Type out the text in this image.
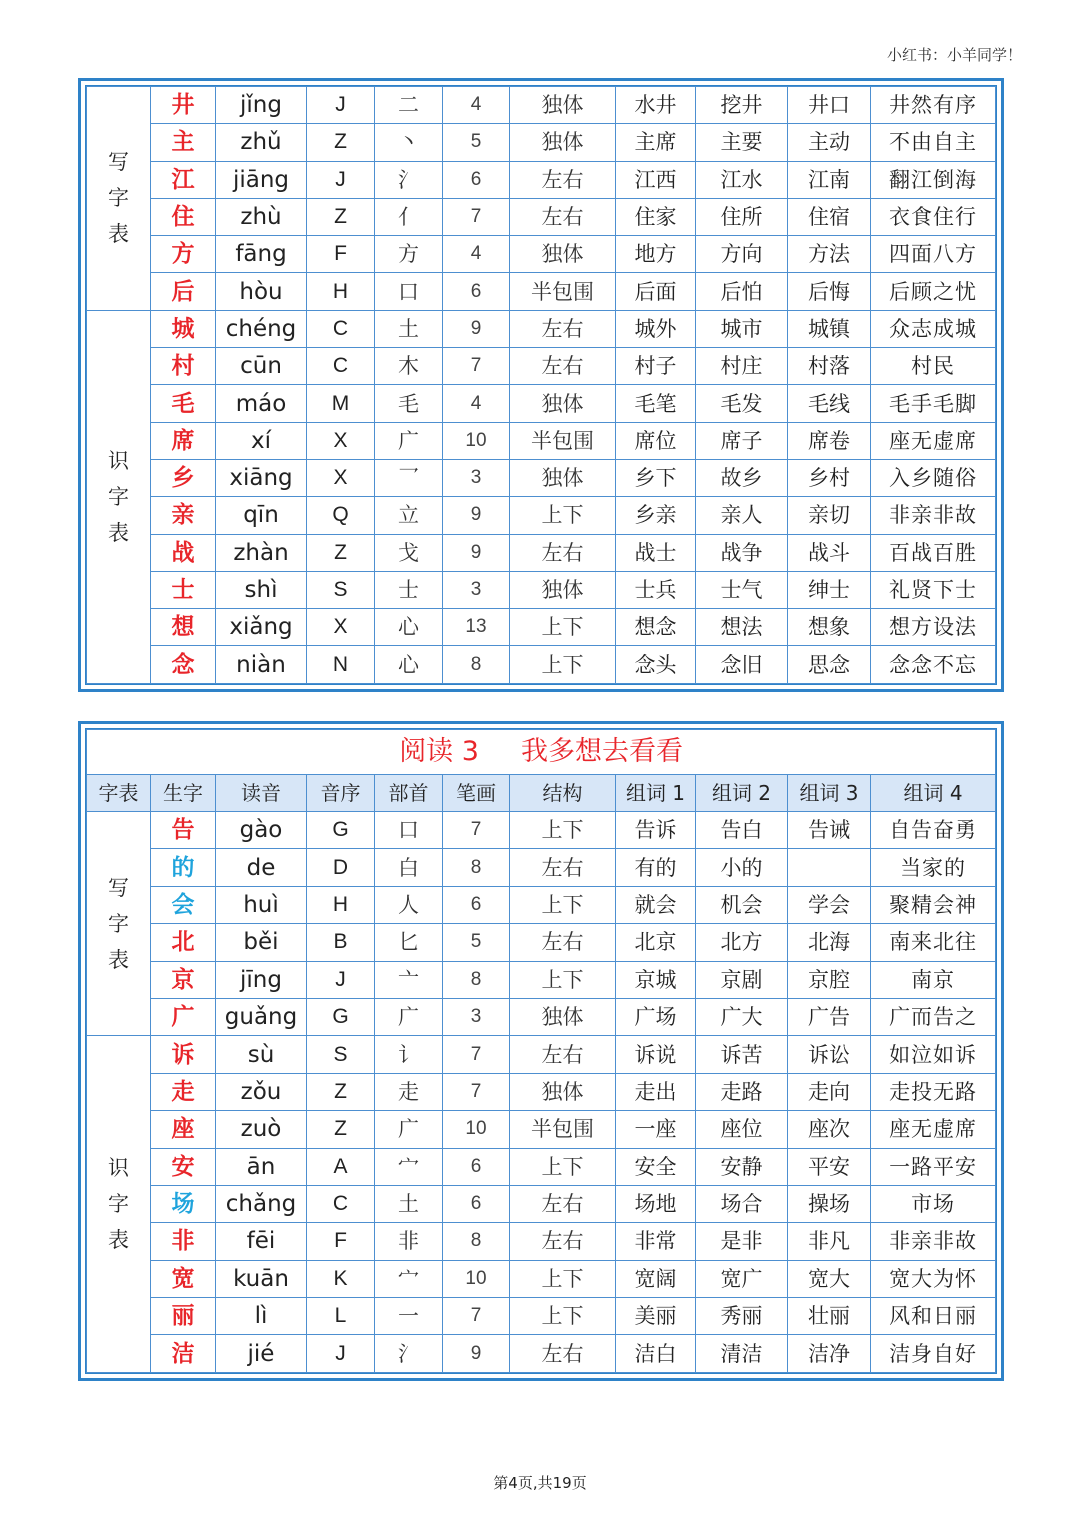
小红书：小羊同学！
写
字
表	井	jǐng	J	二	4	独体	水井	挖井	井口	井然有序
	主	zhǔ	Z	丶	5	独体	主席	主要	主动	不由自主
	江	jiāng	J	氵	6	左右	江西	江水	江南	翻江倒海
	住	zhù	Z	亻	7	左右	住家	住所	住宿	衣食住行
	方	fāng	F	方	4	独体	地方	方向	方法	四面八方
	后	hòu	H	口	6	半包围	后面	后怕	后悔	后顾之忧

识
字
表	城	chéng	C	土	9	左右	城外	城市	城镇	众志成城
	村	cūn	C	木	7	左右	村子	村庄	村落	村民
	毛	máo	M	毛	4	独体	毛笔	毛发	毛线	毛手毛脚
	席	xí	X	广	10	半包围	席位	席子	席卷	座无虚席
	乡	xiāng	X	乛	3	独体	乡下	故乡	乡村	入乡随俗
	亲	qīn	Q	立	9	上下	乡亲	亲人	亲切	非亲非故
	战	zhàn	Z	戈	9	左右	战士	战争	战斗	百战百胜
	士	shì	S	士	3	独体	士兵	士气	绅士	礼贤下士
	想	xiǎng	X	心	13	上下	想念	想法	想象	想方设法
	念	niàn	N	心	8	上下	念头	念旧	思念	念念不忘
阅读 3 我多想去看看										
字表	生字	读音	音序	部首	笔画	结构	组词 1	组词 2	组词 3	组词 4

写
字
表	告	gào	G	口	7	上下	告诉	告白	告诫	自告奋勇
	的	de	D	白	8	左右	有的	小的		当家的
	会	huì	H	人	6	上下	就会	机会	学会	聚精会神
	北	běi	B	匕	5	左右	北京	北方	北海	南来北往
	京	jīng	J	亠	8	上下	京城	京剧	京腔	南京
	广	guǎng	G	广	3	独体	广场	广大	广告	广而告之

识
字
表	诉	sù	S	讠	7	左右	诉说	诉苦	诉讼	如泣如诉
	走	zǒu	Z	走	7	独体	走出	走路	走向	走投无路
	座	zuò	Z	广	10	半包围	一座	座位	座次	座无虚席
	安	ān	A	宀	6	上下	安全	安静	平安	一路平安
	场	chǎng	C	土	6	左右	场地	场合	操场	市场
	非	fēi	F	非	8	左右	非常	是非	非凡	非亲非故
	宽	kuān	K	宀	10	上下	宽阔	宽广	宽大	宽大为怀
	丽	lì	L	一	7	上下	美丽	秀丽	壮丽	风和日丽
	洁	jié	J	氵	9	左右	洁白	清洁	洁净	洁身自好
第4页,共19页
